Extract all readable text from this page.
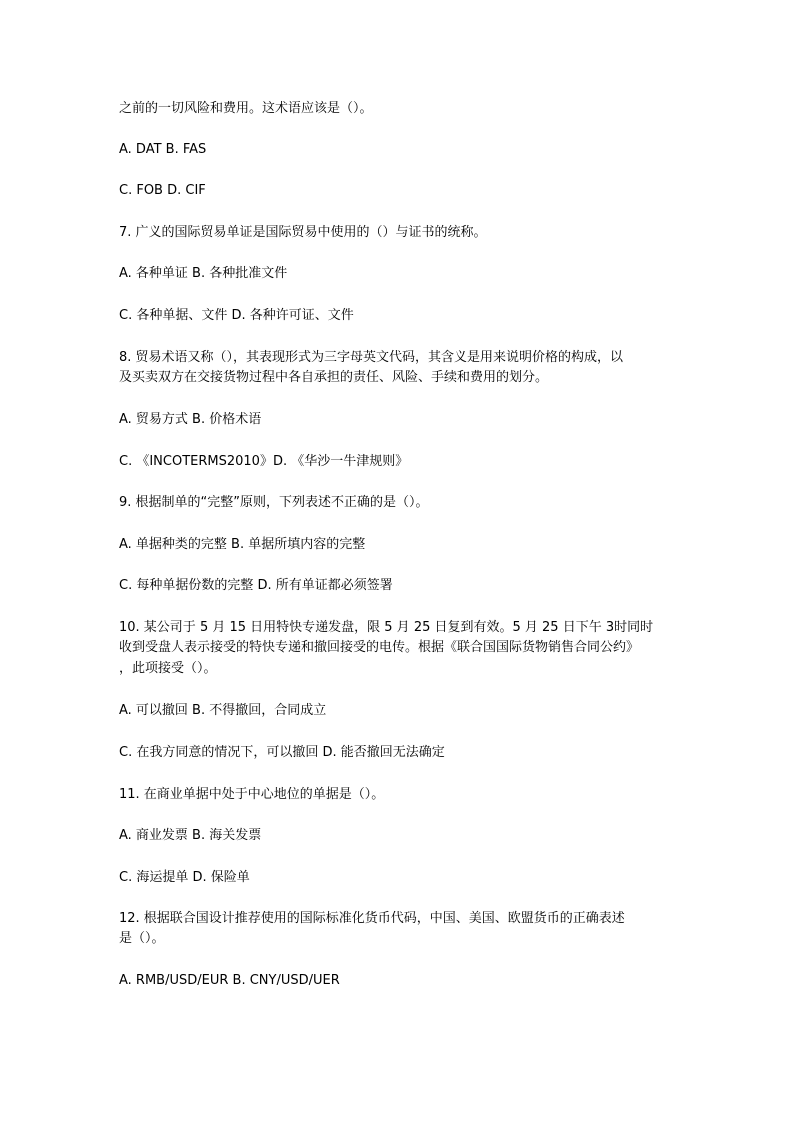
之前的一切风险和费用。这术语应该是（）。
A. DAT B. FAS
C. FOB D. CIF
7. 广义的国际贸易单证是国际贸易中使用的（）与证书的统称。
A. 各种单证 B. 各种批准文件
C. 各种单据、文件 D. 各种许可证、文件
8. 贸易术语又称（），其表现形式为三字母英文代码，其含义是用来说明价格的构成，以
及买卖双方在交接货物过程中各自承担的责任、风险、手续和费用的划分。
A. 贸易方式 B. 价格术语
C. 《INCOTERMS2010》D. 《华沙一牛津规则》
9. 根据制单的“完整”原则，下列表述不正确的是（）。
A. 单据种类的完整 B. 单据所填内容的完整
C. 每种单据份数的完整 D. 所有单证都必须签署
10. 某公司于 5 月 15 日用特快专递发盘，限 5 月 25 日复到有效。5 月 25 日下午 3时同时
收到受盘人表示接受的特快专递和撤回接受的电传。根据《联合国国际货物销售合同公约》
，此项接受（）。
A. 可以撤回 B. 不得撤回，合同成立
C. 在我方同意的情况下，可以撤回 D. 能否撤回无法确定
11. 在商业单据中处于中心地位的单据是（）。
A. 商业发票 B. 海关发票
C. 海运提单 D. 保险单
12. 根据联合国设计推荐使用的国际标准化货币代码，中国、美国、欧盟货币的正确表述
是（）。
A. RMB/USD/EUR B. CNY/USD/UER
